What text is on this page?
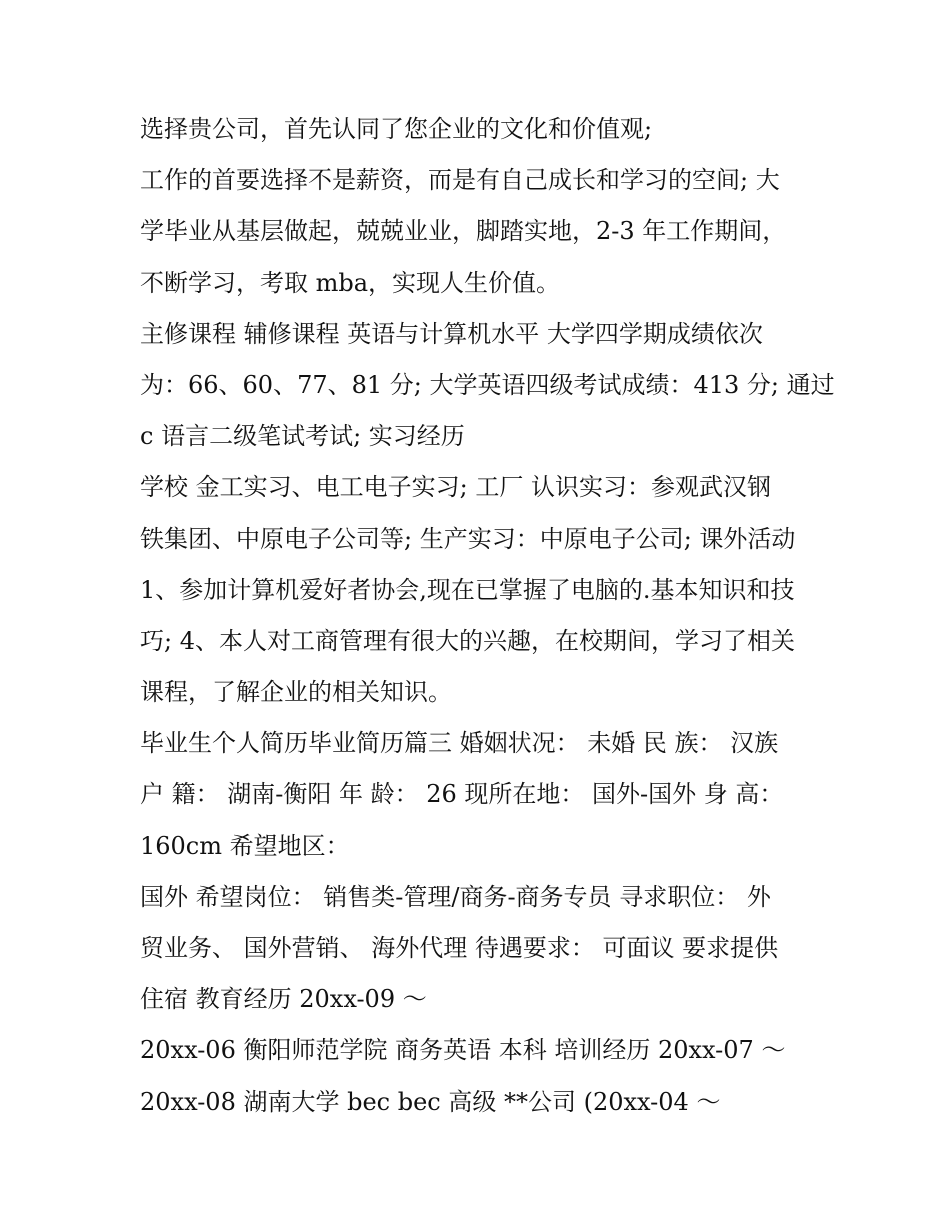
选择贵公司，首先认同了您企业的文化和价值观;
工作的首要选择不是薪资，而是有自己成长和学习的空间; 大
学毕业从基层做起，兢兢业业，脚踏实地，2-3 年工作期间，
不断学习，考取 mba，实现人生价值。
主修课程 辅修课程 英语与计算机水平 大学四学期成绩依次
为：66、60、77、81 分; 大学英语四级考试成绩：413 分; 通过
c 语言二级笔试考试; 实习经历
学校 金工实习、电工电子实习; 工厂 认识实习：参观武汉钢
铁集团、中原电子公司等; 生产实习：中原电子公司; 课外活动
1、参加计算机爱好者协会,现在已掌握了电脑的.基本知识和技
巧; 4、本人对工商管理有很大的兴趣，在校期间，学习了相关
课程，了解企业的相关知识。
毕业生个人简历毕业简历篇三 婚姻状况： 未婚 民 族： 汉族
户 籍： 湖南-衡阳 年 龄： 26 现所在地： 国外-国外 身 高：
160cm 希望地区：
国外 希望岗位： 销售类-管理/商务-商务专员 寻求职位： 外
贸业务、 国外营销、 海外代理 待遇要求： 可面议 要求提供
住宿 教育经历 20xx-09 ～
20xx-06 衡阳师范学院 商务英语 本科 培训经历 20xx-07 ～
20xx-08 湖南大学 bec bec 高级 **公司 (20xx-04 ～
